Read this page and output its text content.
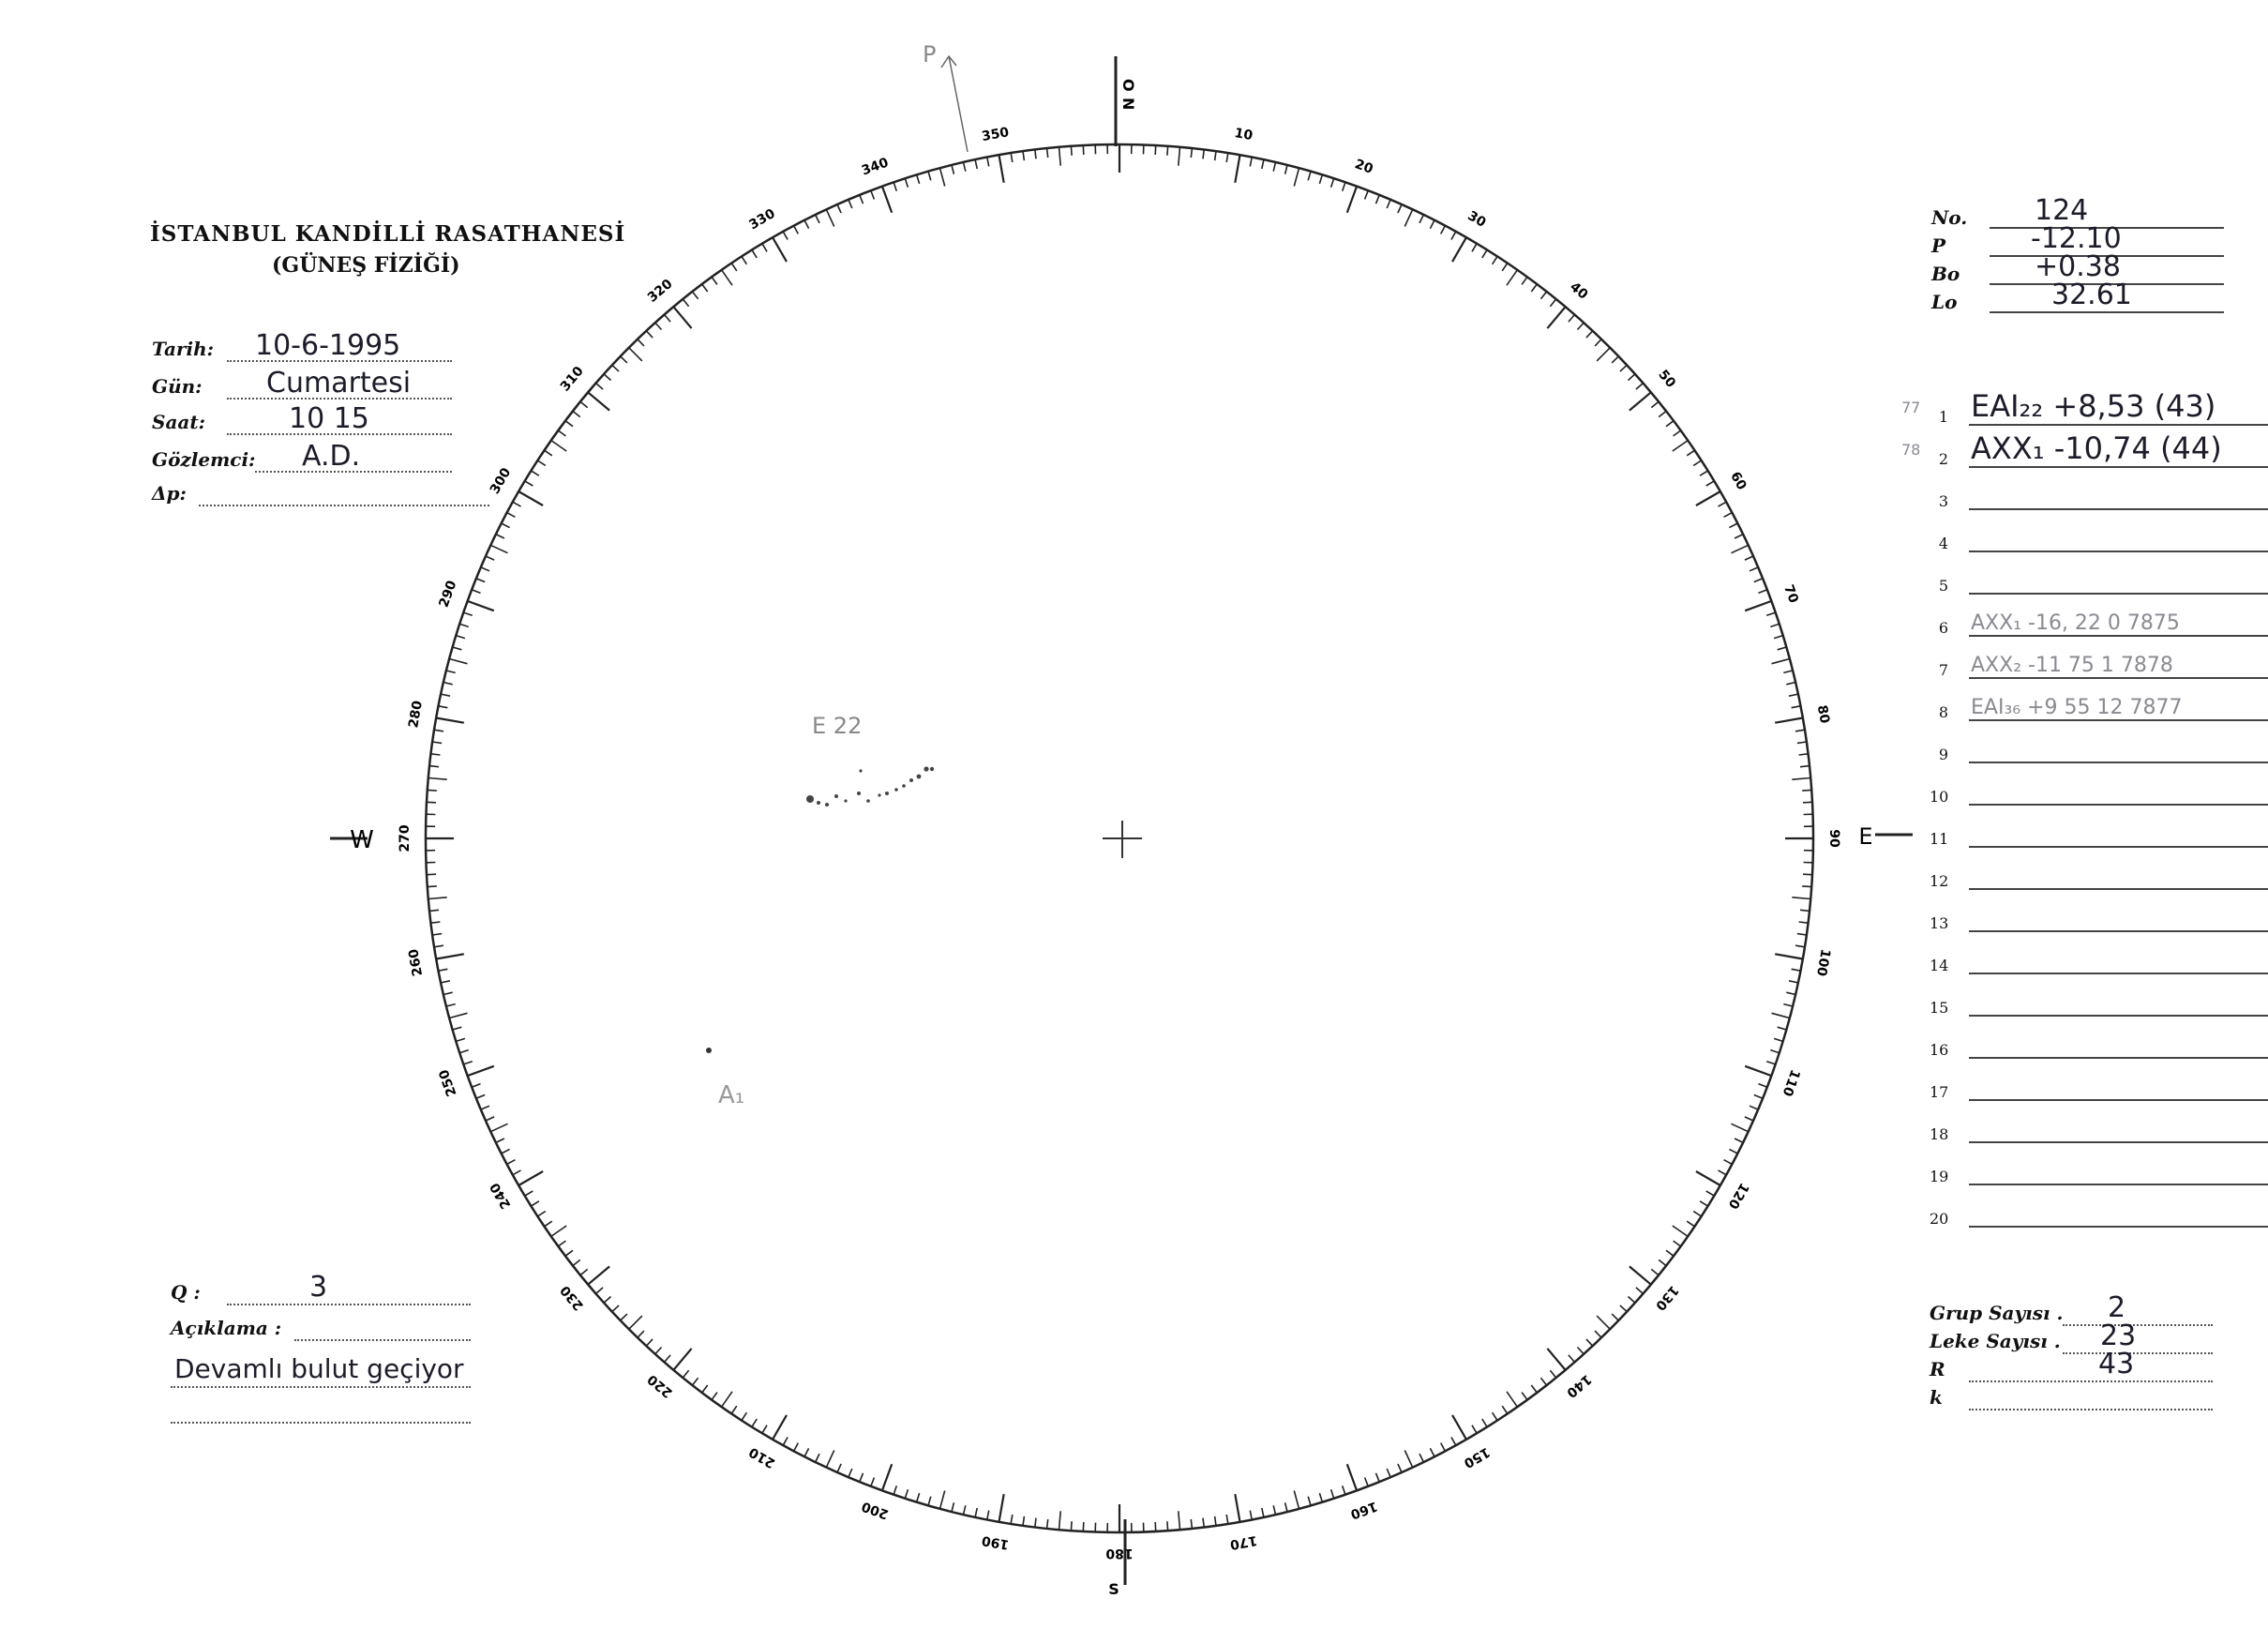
İSTANBUL KANDİLLİ RASATHANESİ
(GÜNEŞ FİZİĞİ)
Tarih: 10-6-1995
Gün: Cumartesi
Saat:	10 15
Gözlemci: A.D.
Δp:
No. 124
P	-12.10
Bo	+0.38
Lo	32.61
1 EAI₂₂ +8,53 (43)
77
2 AXX₁ -10,74 (44)
78
3
4
5
6 AXX₁ -16, 22 0 7875
7 AXX₂ -11 75 1 7878
8 EAI₃₆ +9 55 12 7877
9
10
11
12
13
14
15
16
17
18
19
20
Q :	3
Açıklama :
Devamlı bulut geçiyor
Grup Sayısı . 2
Leke Sayısı . 23
R	43
k
10
20
30
40
50
60
70
80
90
100
110
120
130
140
150
160
170
180
190
200
210
220
230
240
250
260
270
280
290
300
310
320
330
340
350
O
N
S
W	E
P
E 22
A₁
